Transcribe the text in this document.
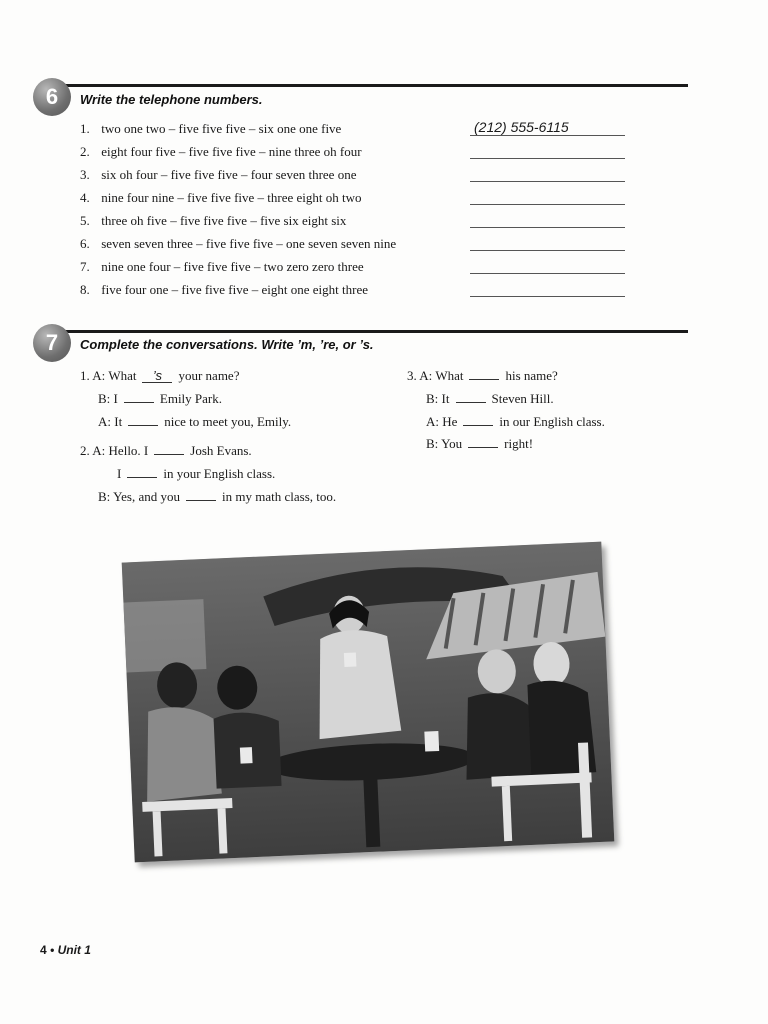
6	Write the telephone numbers.
1. two one two – five five five – six one one five	(212) 555-6115
2. eight four five – five five five – nine three oh four
3. six oh four – five five five – four seven three one
4. nine four nine – five five five – three eight oh two
5. three oh five – five five five – five six eight six
6. seven seven three – five five five – one seven seven nine
7. nine one four – five five five – two zero zero three
8. five four one – five five five – eight one eight three
7	Complete the conversations. Write ’m, ’re, or ’s.
1. A: What ’s your name?
B: I	Emily Park.
A: It	nice to meet you, Emily.
2. A: Hello. I	Josh Evans.
I	in your English class.
B: Yes, and you	in my math class, too.
3. A: What	his name?
B: It	Steven Hill.
A: He	in our English class.
B: You	right!
4 • Unit 1
